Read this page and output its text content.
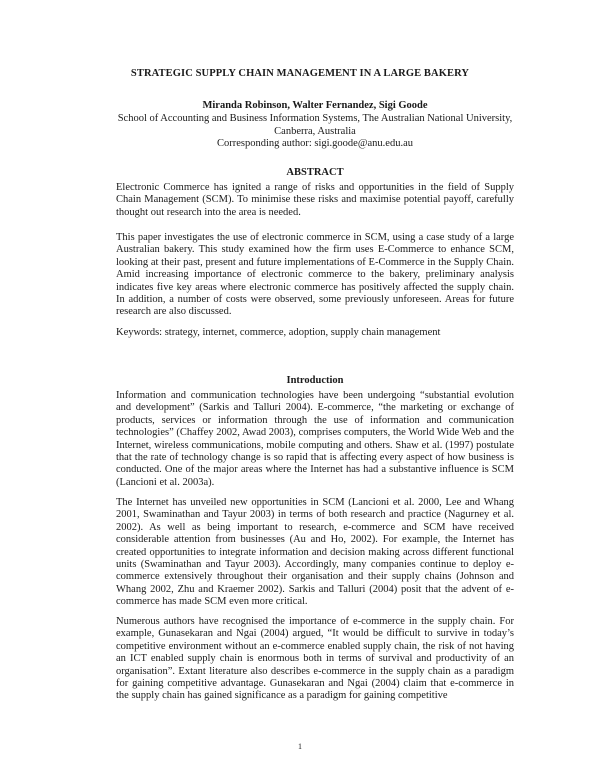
STRATEGIC SUPPLY CHAIN MANAGEMENT IN A LARGE BAKERY
Miranda Robinson, Walter Fernandez, Sigi Goode
School of Accounting and Business Information Systems, The Australian National University, Canberra, Australia
Corresponding author: sigi.goode@anu.edu.au
ABSTRACT
Electronic Commerce has ignited a range of risks and opportunities in the field of Supply Chain Management (SCM). To minimise these risks and maximise potential payoff, carefully thought out research into the area is needed.
This paper investigates the use of electronic commerce in SCM, using a case study of a large Australian bakery. This study examined how the firm uses E-Commerce to enhance SCM, looking at their past, present and future implementations of E-Commerce in the Supply Chain. Amid increasing importance of electronic commerce to the bakery, preliminary analysis indicates five key areas where electronic commerce has positively affected the supply chain. In addition, a number of costs were observed, some previously unforeseen. Areas for future research are also discussed.
Keywords: strategy, internet, commerce, adoption, supply chain management
Introduction
Information and communication technologies have been undergoing “substantial evolution and development” (Sarkis and Talluri 2004). E-commerce, “the marketing or exchange of products, services or information through the use of information and communication technologies” (Chaffey 2002, Awad 2003), comprises computers, the World Wide Web and the Internet, wireless communications, mobile computing and others. Shaw et al. (1997) postulate that the rate of technology change is so rapid that is affecting every aspect of how business is conducted. One of the major areas where the Internet has had a substantive influence is SCM (Lancioni et al. 2003a).
The Internet has unveiled new opportunities in SCM (Lancioni et al. 2000, Lee and Whang 2001, Swaminathan and Tayur 2003) in terms of both research and practice (Nagurney et al. 2002). As well as being important to research, e-commerce and SCM have received considerable attention from businesses (Au and Ho, 2002). For example, the Internet has created opportunities to integrate information and decision making across different functional units (Swaminathan and Tayur 2003). Accordingly, many companies continue to deploy e-commerce extensively throughout their organisation and their supply chains (Johnson and Whang 2002, Zhu and Kraemer 2002). Sarkis and Talluri (2004) posit that the advent of e-commerce has made SCM even more critical.
Numerous authors have recognised the importance of e-commerce in the supply chain. For example, Gunasekaran and Ngai (2004) argued, “It would be difficult to survive in today’s competitive environment without an e-commerce enabled supply chain, the risk of not having an ICT enabled supply chain is enormous both in terms of survival and productivity of an organisation”. Extant literature also describes e-commerce in the supply chain as a paradigm for gaining competitive advantage. Gunasekaran and Ngai (2004) claim that e-commerce in the supply chain has gained significance as a paradigm for gaining competitive
1
